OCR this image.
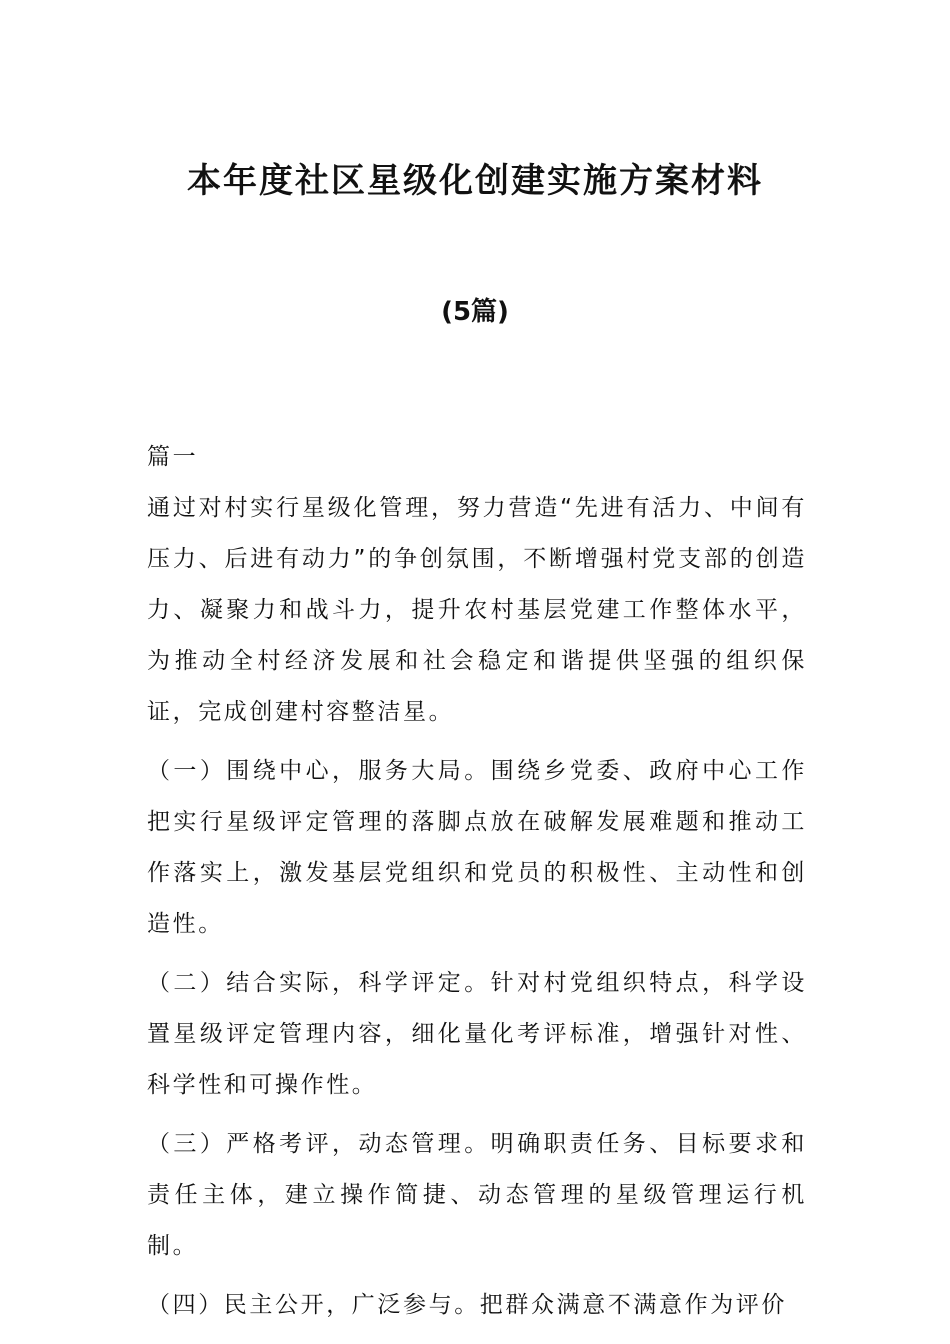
本年度社区星级化创建实施方案材料
(5篇)

篇一

通过对村实行星级化管理，努力营造“先进有活力、中间有压力、后进有动力”的争创氛围，不断增强村党支部的创造力、凝聚力和战斗力，提升农村基层党建工作整体水平，为推动全村经济发展和社会稳定和谐提供坚强的组织保证，完成创建村容整洁星。

（一）围绕中心，服务大局。围绕乡党委、政府中心工作把实行星级评定管理的落脚点放在破解发展难题和推动工作落实上，激发基层党组织和党员的积极性、主动性和创造性。

（二）结合实际，科学评定。针对村党组织特点，科学设置星级评定管理内容，细化量化考评标准，增强针对性、科学性和可操作性。

（三）严格考评，动态管理。明确职责任务、目标要求和责任主体，建立操作简捷、动态管理的星级管理运行机制。

（四）民主公开，广泛参与。把群众满意不满意作为评价
